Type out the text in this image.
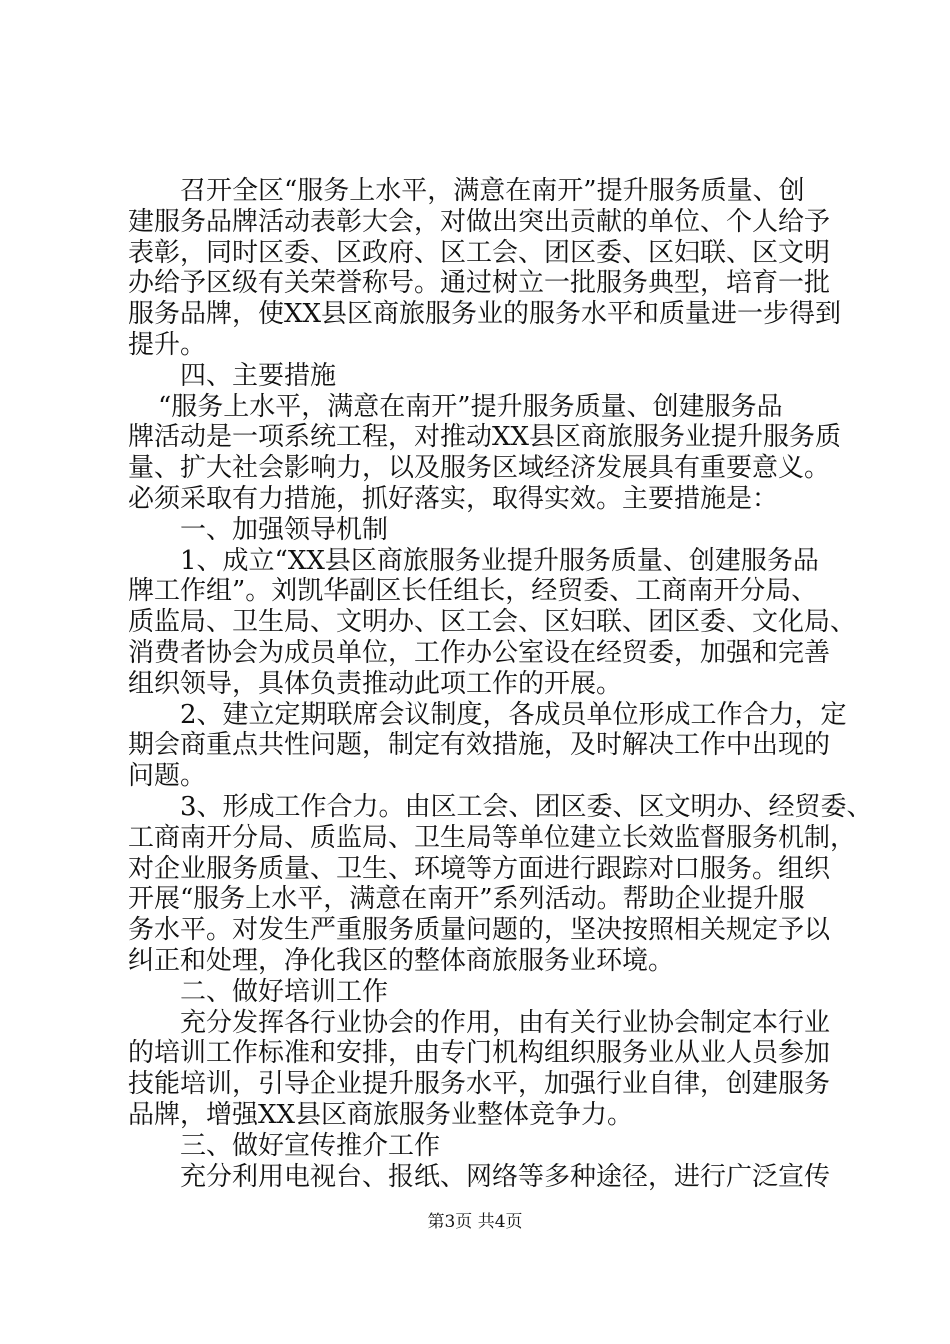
召开全区“服务上水平，满意在南开”提升服务质量、创
建服务品牌活动表彰大会，对做出突出贡献的单位、个人给予
表彰，同时区委、区政府、区工会、团区委、区妇联、区文明
办给予区级有关荣誉称号。通过树立一批服务典型，培育一批
服务品牌，使XX县区商旅服务业的服务水平和质量进一步得到
提升。
四、主要措施
“服务上水平，满意在南开”提升服务质量、创建服务品
牌活动是一项系统工程，对推动XX县区商旅服务业提升服务质
量、扩大社会影响力，以及服务区域经济发展具有重要意义。
必须采取有力措施，抓好落实，取得实效。主要措施是：
一、加强领导机制
1、成立“XX县区商旅服务业提升服务质量、创建服务品
牌工作组”。刘凯华副区长任组长，经贸委、工商南开分局、
质监局、卫生局、文明办、区工会、区妇联、团区委、文化局、
消费者协会为成员单位，工作办公室设在经贸委，加强和完善
组织领导，具体负责推动此项工作的开展。
2、建立定期联席会议制度，各成员单位形成工作合力，定
期会商重点共性问题，制定有效措施，及时解决工作中出现的
问题。
3、形成工作合力。由区工会、团区委、区文明办、经贸委、
工商南开分局、质监局、卫生局等单位建立长效监督服务机制，
对企业服务质量、卫生、环境等方面进行跟踪对口服务。组织
开展“服务上水平，满意在南开”系列活动。帮助企业提升服
务水平。对发生严重服务质量问题的，坚决按照相关规定予以
纠正和处理，净化我区的整体商旅服务业环境。
二、做好培训工作
充分发挥各行业协会的作用，由有关行业协会制定本行业
的培训工作标准和安排，由专门机构组织服务业从业人员参加
技能培训，引导企业提升服务水平，加强行业自律，创建服务
品牌，增强XX县区商旅服务业整体竞争力。
三、做好宣传推介工作
充分利用电视台、报纸、网络等多种途径，进行广泛宣传
第3页 共4页
